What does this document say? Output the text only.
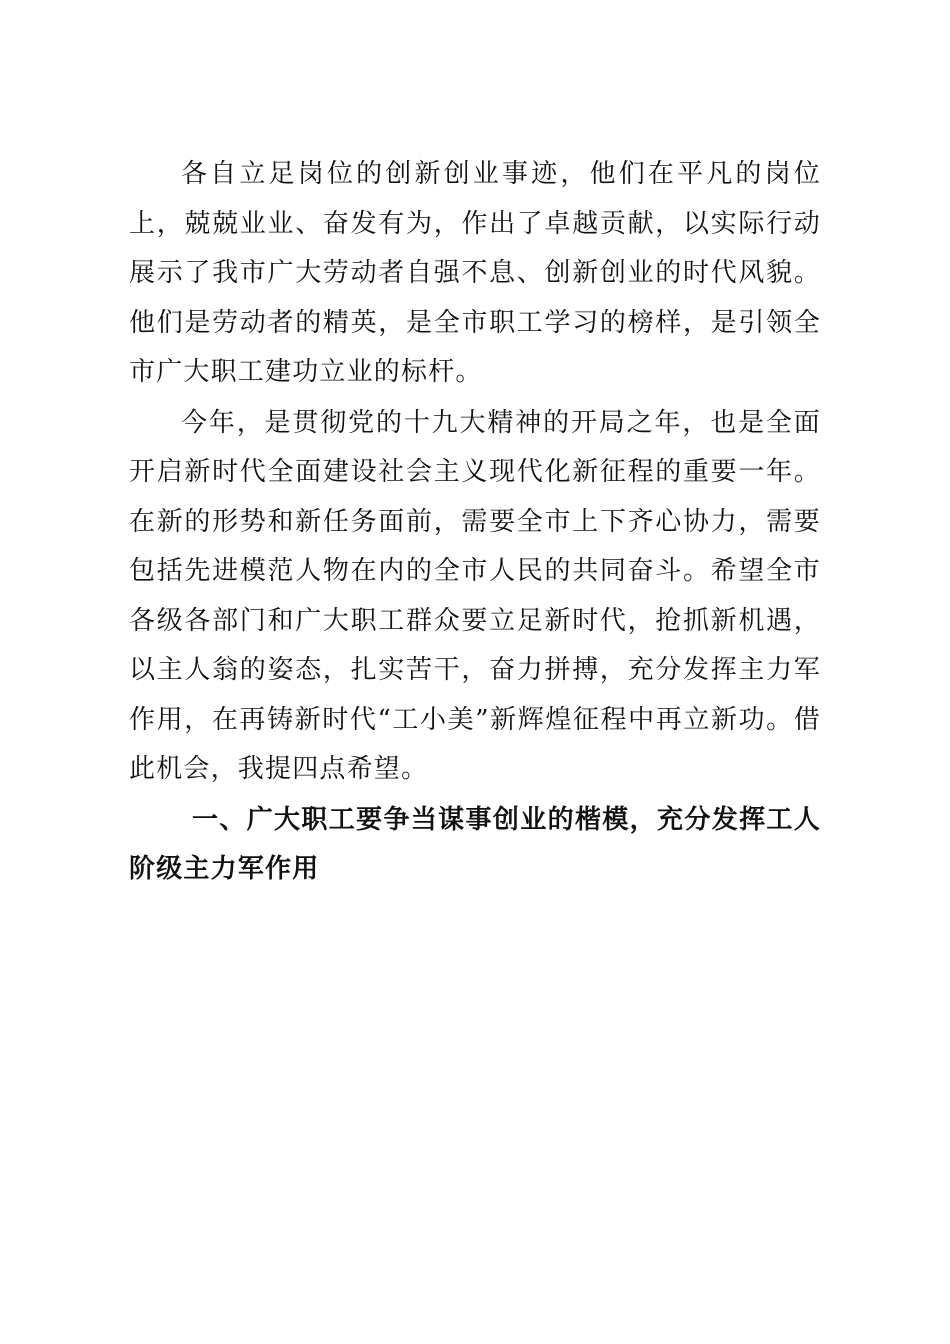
各自立足岗位的创新创业事迹，他们在平凡的岗位上，兢兢业业、奋发有为，作出了卓越贡献，以实际行动展示了我市广大劳动者自强不息、创新创业的时代风貌。他们是劳动者的精英，是全市职工学习的榜样，是引领全市广大职工建功立业的标杆。

今年，是贯彻党的十九大精神的开局之年，也是全面开启新时代全面建设社会主义现代化新征程的重要一年。在新的形势和新任务面前，需要全市上下齐心协力，需要包括先进模范人物在内的全市人民的共同奋斗。希望全市各级各部门和广大职工群众要立足新时代，抢抓新机遇，以主人翁的姿态，扎实苦干，奋力拼搏，充分发挥主力军作用，在再铸新时代“工小美”新辉煌征程中再立新功。借此机会，我提四点希望。

一、广大职工要争当谋事创业的楷模，充分发挥工人阶级主力军作用
